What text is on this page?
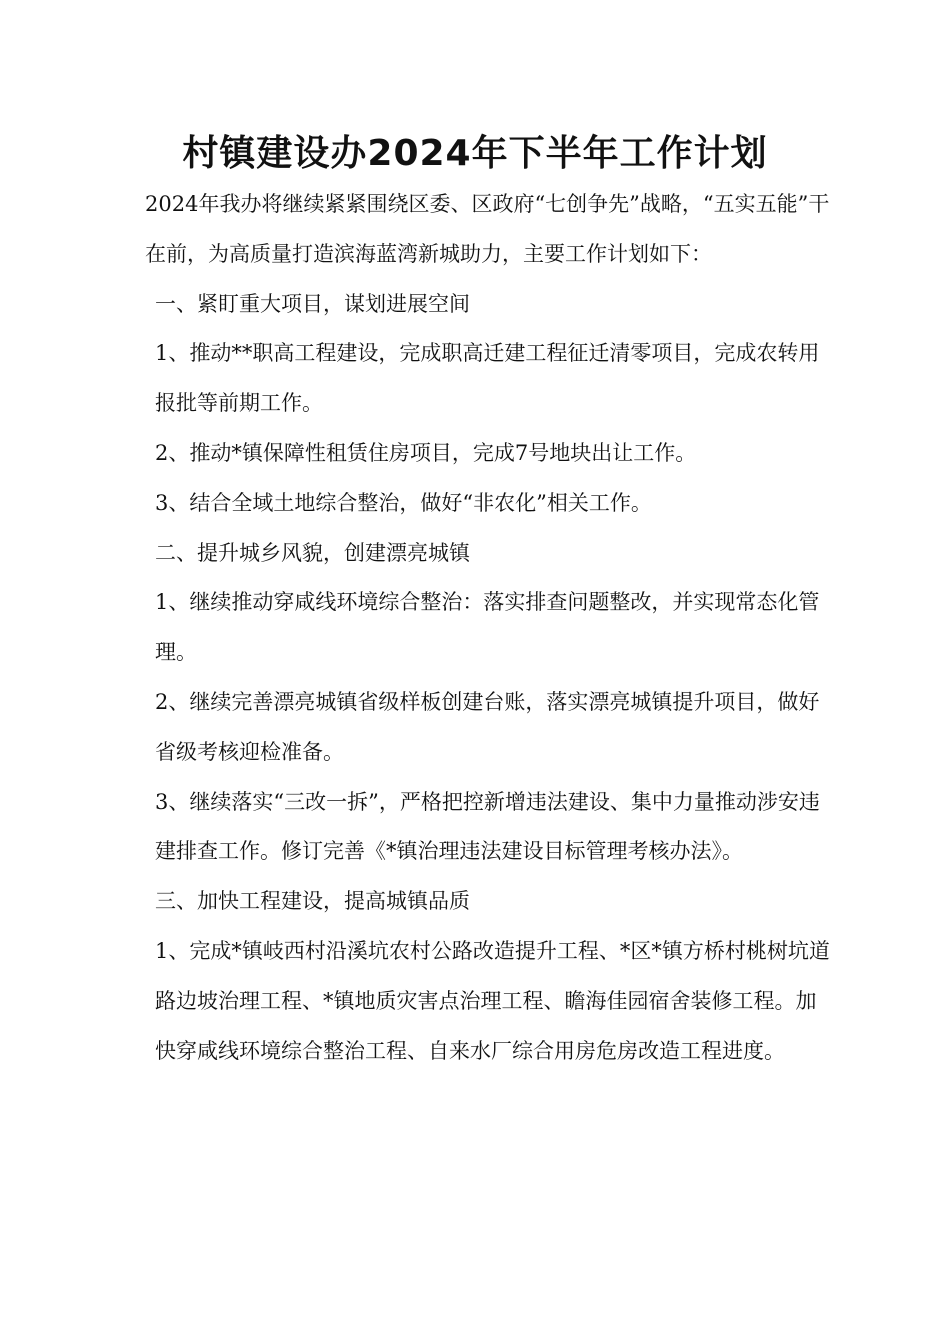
村镇建设办2024年下半年工作计划

2024年我办将继续紧紧围绕区委、区政府“七创争先”战略，“五实五能”干在前，为高质量打造滨海蓝湾新城助力，主要工作计划如下：

一、紧盯重大项目，谋划进展空间

1、推动**职高工程建设，完成职高迁建工程征迁清零项目，完成农转用报批等前期工作。

2、推动*镇保障性租赁住房项目，完成7号地块出让工作。

3、结合全域土地综合整治，做好“非农化”相关工作。

二、提升城乡风貌，创建漂亮城镇

1、继续推动穿咸线环境综合整治：落实排查问题整改，并实现常态化管理。

2、继续完善漂亮城镇省级样板创建台账，落实漂亮城镇提升项目，做好省级考核迎检准备。

3、继续落实“三改一拆”，严格把控新增违法建设、集中力量推动涉安违建排查工作。修订完善《*镇治理违法建设目标管理考核办法》。

三、加快工程建设，提高城镇品质

1、完成*镇岐西村沿溪坑农村公路改造提升工程、*区*镇方桥村桃树坑道路边坡治理工程、*镇地质灾害点治理工程、瞻海佳园宿舍装修工程。加快穿咸线环境综合整治工程、自来水厂综合用房危房改造工程进度。
